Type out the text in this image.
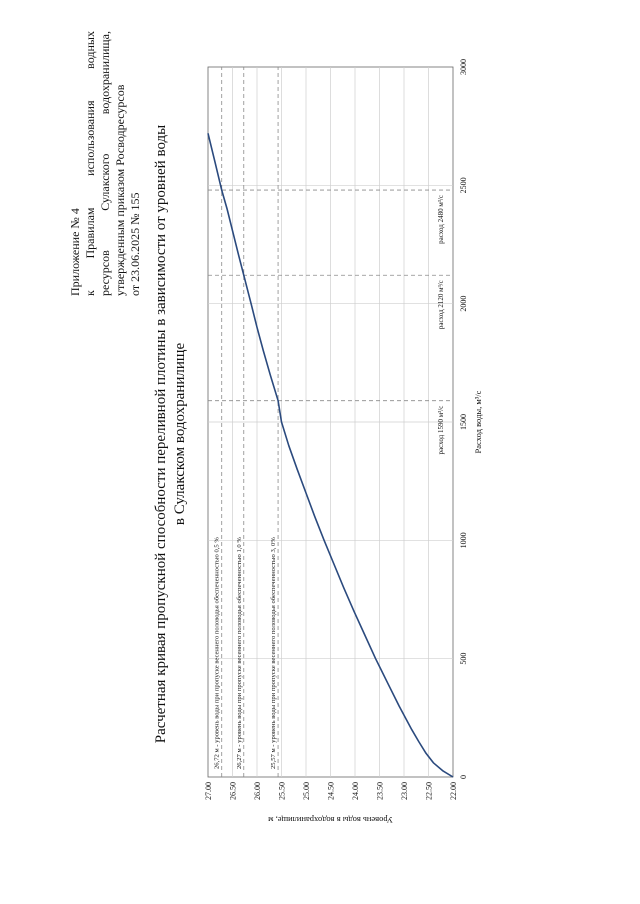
Приложение № 4 к Правилам использования водных ресурсов Сулакского водохранилища, утвержденным приказом Росводресурсов от 23.06.2025 № 155 Расчетная кривая пропускной способности переливной плотины в зависимости от уровней воды в Сулакском водохранилище
22.00
22.50
23.00
23.50
24.00
24.50
25.00
25.50
26.00
26.50
27.00
0
500
1000
1500
2000
2500
3000
Расход воды, м³/с
Уровень воды в водохранилище, м
26,72 м - уровень воды при пропуске весеннего половодья обеспеченностью 0,5 % 26,27 м - уровень воды при пропуске весеннего половодья обеспеченностью 1,0 %	25,57 м - уровень воды при пропуске весеннего половодья обеспеченностью 3, 0%
расход 1590 м³/с
расход 2120 м³/с
расход 2480 м³/с
